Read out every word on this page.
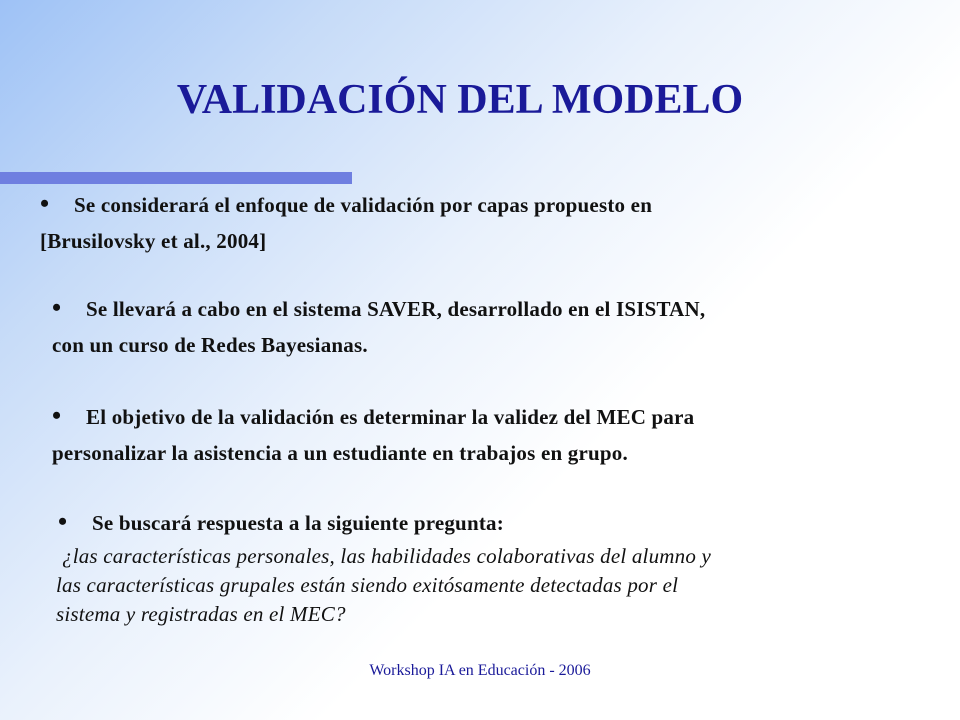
VALIDACIÓN DEL MODELO
• Se considerará el enfoque de validación por capas propuesto en
[Brusilovsky et al., 2004]
• Se llevará a cabo en el sistema SAVER, desarrollado en el ISISTAN,
con un curso de Redes Bayesianas.
• El objetivo de la validación es determinar la validez del MEC para
personalizar la asistencia a un estudiante en trabajos en grupo.
• Se buscará respuesta a la siguiente pregunta:
¿las características personales, las habilidades colaborativas del alumno y
las características grupales están siendo exitósamente detectadas por el
sistema y registradas en el MEC?
Workshop IA en Educación - 2006
